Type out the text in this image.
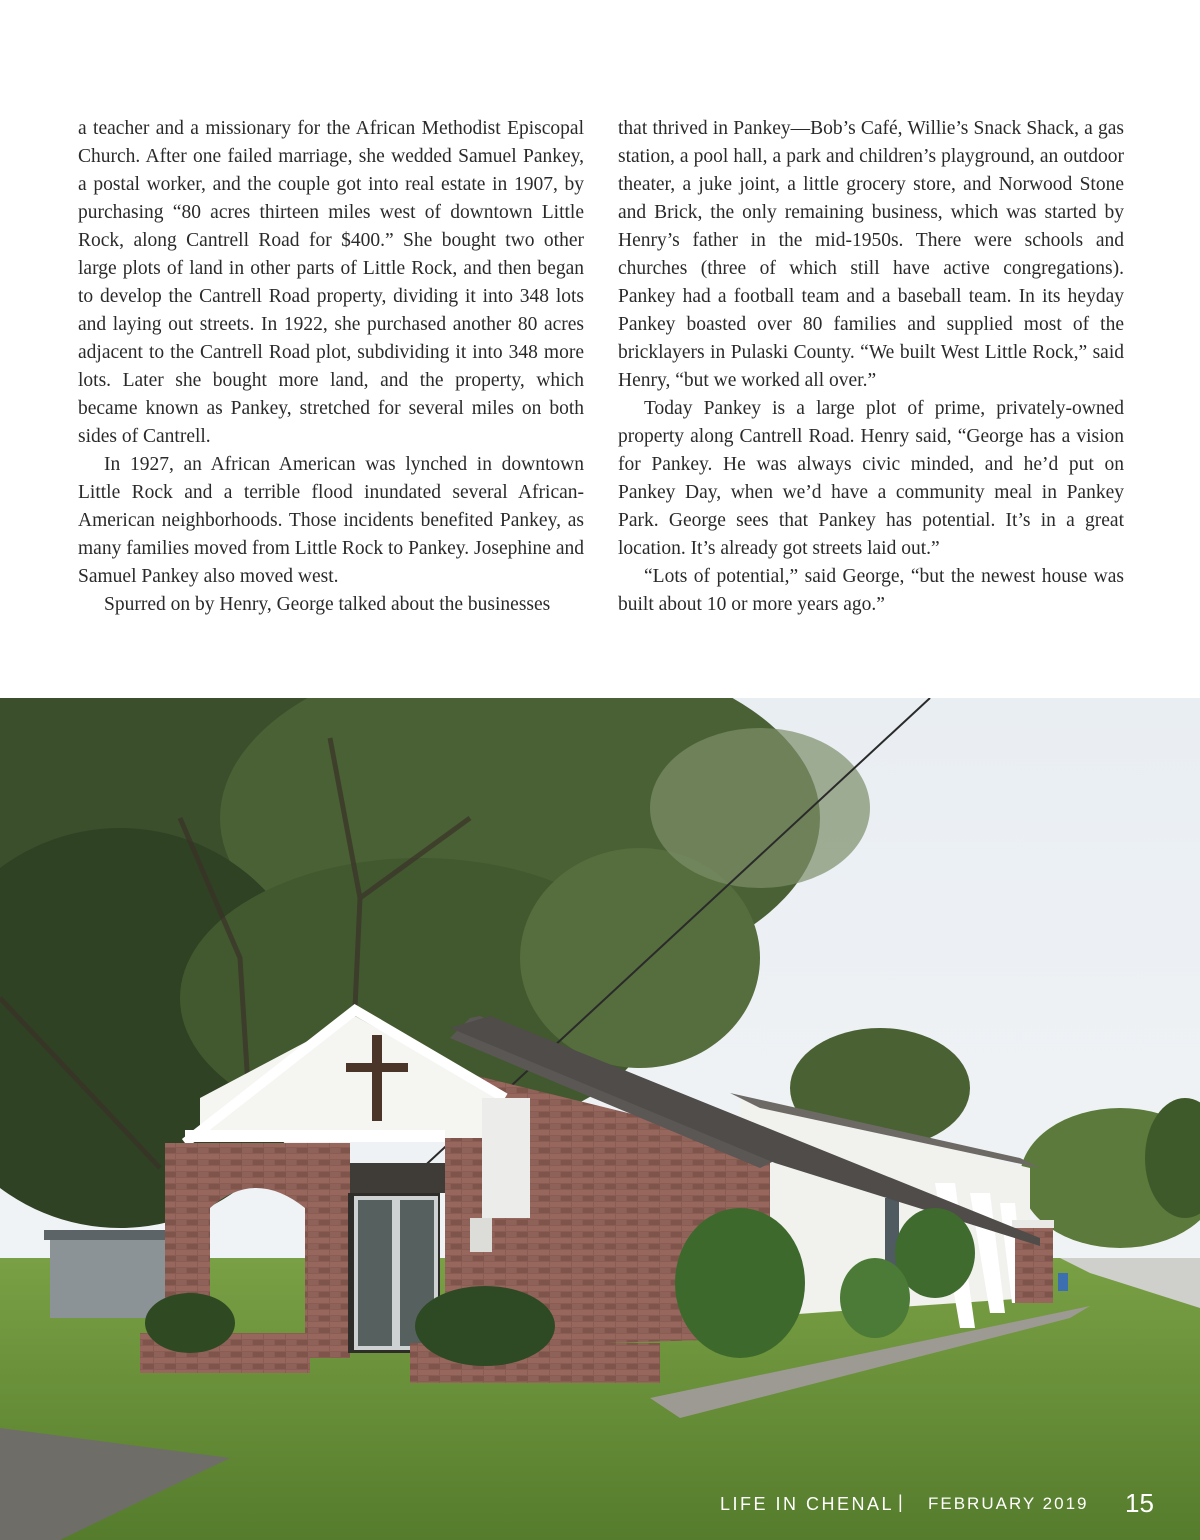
a teacher and a missionary for the African Methodist Episcopal Church. After one failed marriage, she wedded Samuel Pankey, a postal worker, and the couple got into real estate in 1907, by purchasing “80 acres thirteen miles west of downtown Little Rock, along Cantrell Road for $400.” She bought two other large plots of land in other parts of Little Rock, and then began to develop the Cantrell Road property, dividing it into 348 lots and laying out streets. In 1922, she purchased another 80 acres adjacent to the Cantrell Road plot, subdividing it into 348 more lots. Later she bought more land, and the property, which became known as Pankey, stretched for several miles on both sides of Cantrell.

In 1927, an African American was lynched in downtown Little Rock and a terrible flood inundated several African-American neighborhoods. Those incidents benefited Pankey, as many families moved from Little Rock to Pankey. Josephine and Samuel Pankey also moved west.

Spurred on by Henry, George talked about the businesses

that thrived in Pankey—Bob’s Café, Willie’s Snack Shack, a gas station, a pool hall, a park and children’s playground, an outdoor theater, a juke joint, a little grocery store, and Norwood Stone and Brick, the only remaining business, which was started by Henry’s father in the mid-1950s. There were schools and churches (three of which still have active congregations). Pankey had a football team and a baseball team. In its heyday Pankey boasted over 80 families and supplied most of the bricklayers in Pulaski County. “We built West Little Rock,” said Henry, “but we worked all over.”

Today Pankey is a large plot of prime, privately-owned property along Cantrell Road. Henry said, “George has a vision for Pankey. He was always civic minded, and he’d put on Pankey Day, when we’d have a community meal in Pankey Park. George sees that Pankey has potential. It’s in a great location. It’s already got streets laid out.”

“Lots of potential,” said George, “but the newest house was built about 10 or more years ago.”

LIFE IN CHENAL | FEBRUARY 2019 15
